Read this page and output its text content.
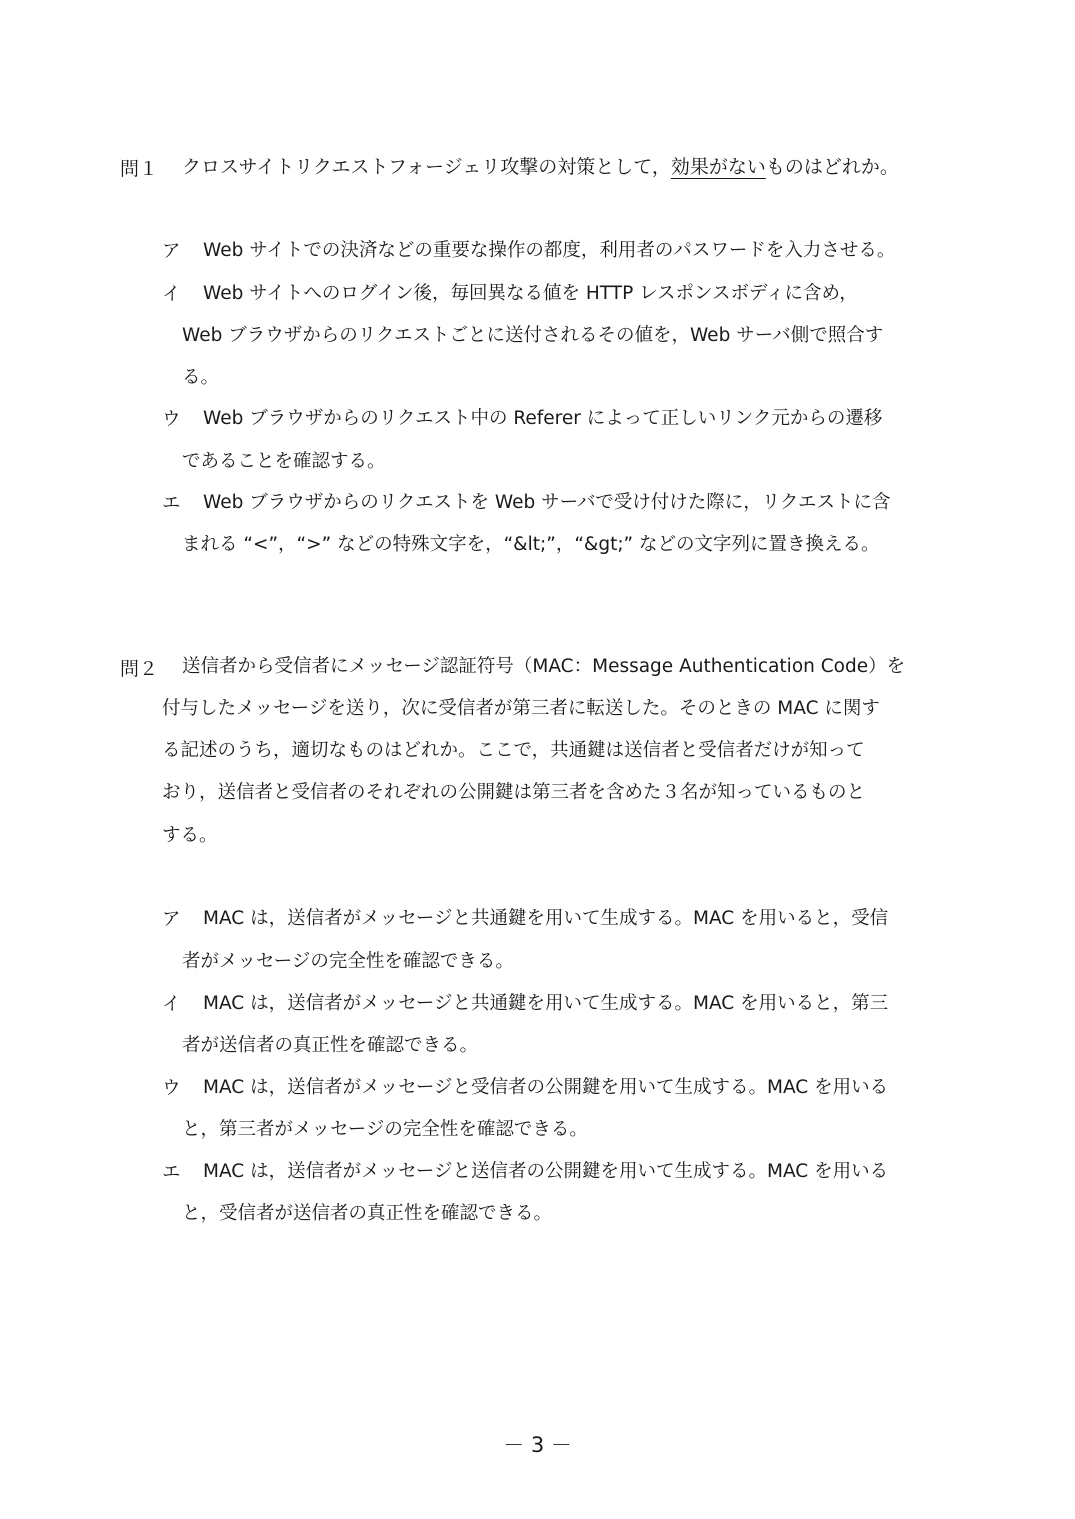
問１ クロスサイトリクエストフォージェリ攻撃の対策として，効果がないものはどれか。
ア Web サイトでの決済などの重要な操作の都度，利用者のパスワードを入力させる。
イ Web サイトへのログイン後，毎回異なる値を HTTP レスポンスボディに含め，
Web ブラウザからのリクエストごとに送付されるその値を，Web サーバ側で照合す
る。
ウ Web ブラウザからのリクエスト中の Referer によって正しいリンク元からの遷移
であることを確認する。
エ Web ブラウザからのリクエストを Web サーバで受け付けた際に，リクエストに含
まれる “<”，“>” などの特殊文字を，“&lt;”，“&gt;” などの文字列に置き換える。
問２ 送信者から受信者にメッセージ認証符号（MAC：Message Authentication Code）を
付与したメッセージを送り，次に受信者が第三者に転送した。そのときの MAC に関す
る記述のうち，適切なものはどれか。ここで，共通鍵は送信者と受信者だけが知って
おり，送信者と受信者のそれぞれの公開鍵は第三者を含めた３名が知っているものと
する。
ア MAC は，送信者がメッセージと共通鍵を用いて生成する。MAC を用いると，受信
者がメッセージの完全性を確認できる。
イ MAC は，送信者がメッセージと共通鍵を用いて生成する。MAC を用いると，第三
者が送信者の真正性を確認できる。
ウ MAC は，送信者がメッセージと受信者の公開鍵を用いて生成する。MAC を用いる
と，第三者がメッセージの完全性を確認できる。
エ MAC は，送信者がメッセージと送信者の公開鍵を用いて生成する。MAC を用いる
と，受信者が送信者の真正性を確認できる。
－ 3 －
